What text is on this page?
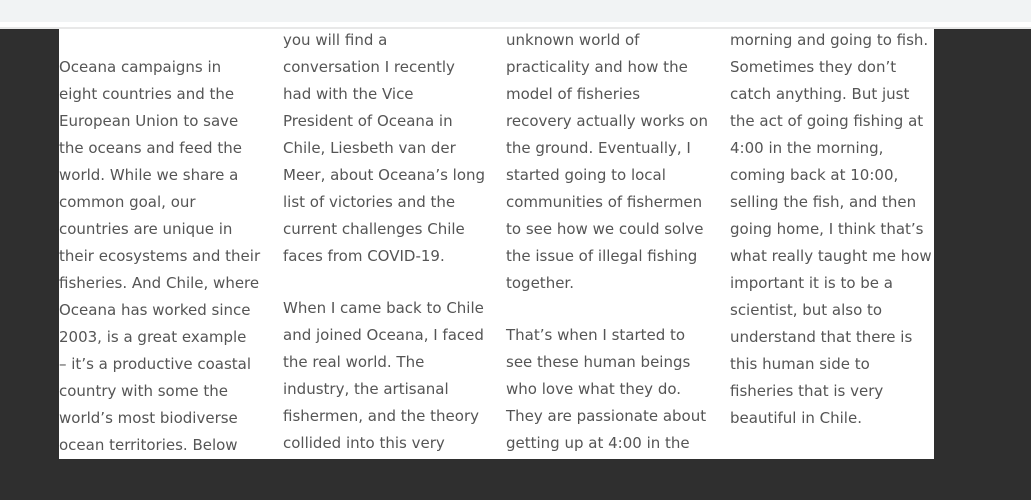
Oceana campaigns in
eight countries and the
European Union to save
the oceans and feed the
world. While we share a
common goal, our
countries are unique in
their ecosystems and their
fisheries. And Chile, where
Oceana has worked since
2003, is a great example
– it’s a productive coastal
country with some the
world’s most biodiverse
ocean territories. Below
you will find a
conversation I recently
had with the Vice
President of Oceana in
Chile, Liesbeth van der
Meer, about Oceana’s long
list of victories and the
current challenges Chile
faces from COVID-19.
When I came back to Chile
and joined Oceana, I faced
the real world. The
industry, the artisanal
fishermen, and the theory
collided into this very
unknown world of
practicality and how the
model of fisheries
recovery actually works on
the ground. Eventually, I
started going to local
communities of fishermen
to see how we could solve
the issue of illegal fishing
together.
That’s when I started to
see these human beings
who love what they do.
They are passionate about
getting up at 4:00 in the
morning and going to fish.
Sometimes they don’t
catch anything. But just
the act of going fishing at
4:00 in the morning,
coming back at 10:00,
selling the fish, and then
going home, I think that’s
what really taught me how
important it is to be a
scientist, but also to
understand that there is
this human side to
fisheries that is very
beautiful in Chile.
